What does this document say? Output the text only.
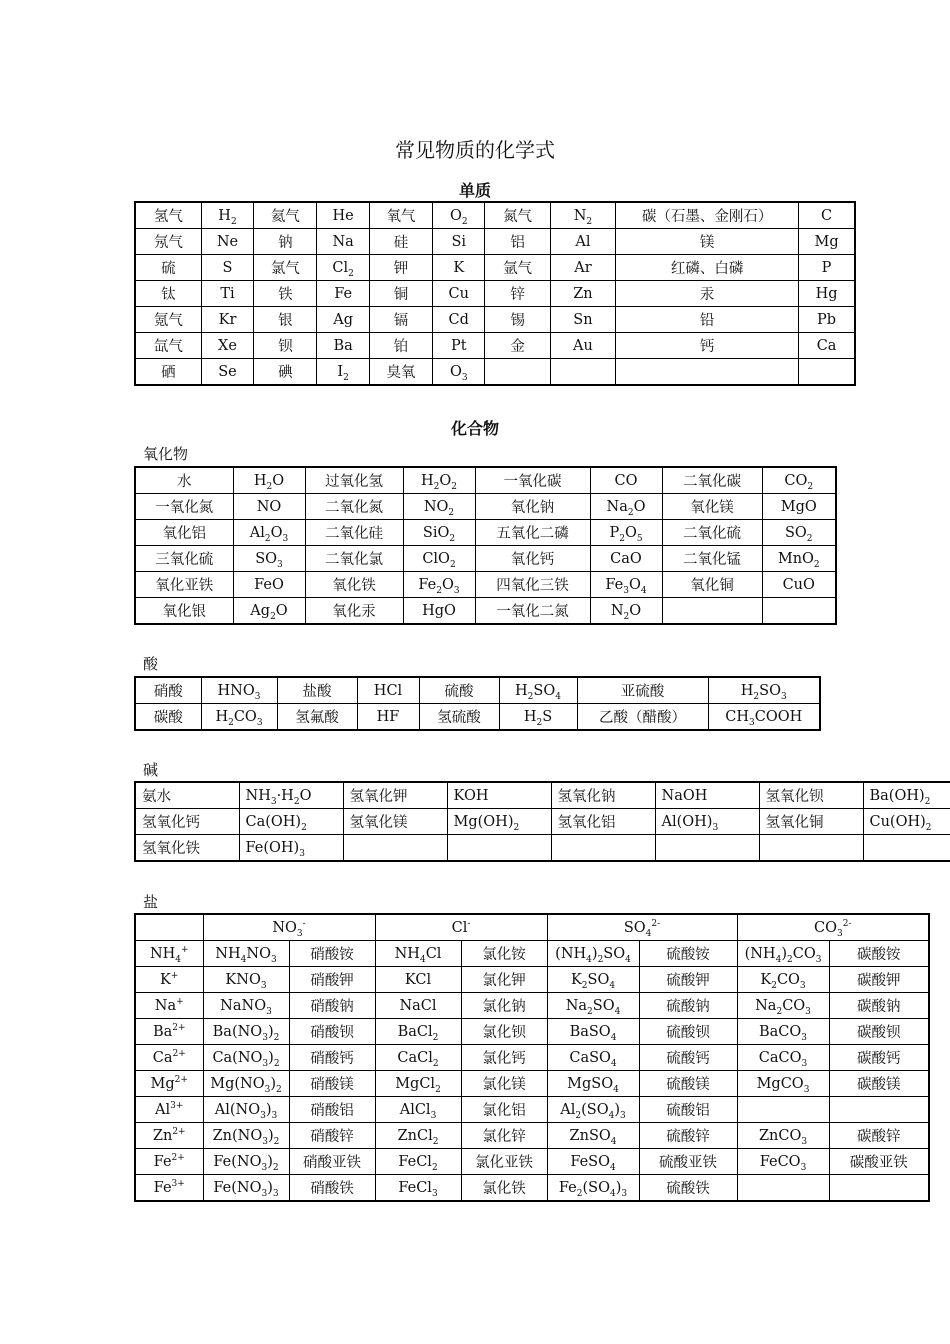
常见物质的化学式
单质
氢气	$H_2$	氦气	He	氧气	$O_2$	氮气	$N_2$	碳（石墨、金刚石）	C
氖气	Ne	钠	Na	硅	Si	铝	Al	镁	Mg
硫	S	氯气	$Cl_2$	钾	K	氩气	Ar	红磷、白磷	P
钛	Ti	铁	Fe	铜	Cu	锌	Zn	汞	Hg
氪气	Kr	银	Ag	镉	Cd	锡	Sn	铅	Pb
氙气	Xe	钡	Ba	铂	Pt	金	Au	钙	Ca
硒	Se	碘	$I_2$	臭氧	$O_3$				
化合物
氧化物
水	$H_2O$	过氧化氢	$H_2O_2$	一氧化碳	CO	二氧化碳	$CO_2$
一氧化氮	NO	二氧化氮	$NO_2$	氧化钠	$Na_2O$	氧化镁	MgO
氧化铝	$Al_2O_3$	二氧化硅	SiO$_2$	五氧化二磷	$P_2O_5$	二氧化硫	$SO_2$
三氧化硫	$SO_3$	二氧化氯	ClO$_2$	氧化钙	CaO	二氧化锰	MnO$_2$
氧化亚铁	FeO	氧化铁	$Fe_2O_3$	四氧化三铁	$Fe_3O_4$	氧化铜	CuO
氧化银	$Ag_2O$	氧化汞	HgO	一氧化二氮	$N_2O$		
酸
硝酸	$HNO_3$	盐酸	HCl	硫酸	$H_2SO_4$	亚硫酸	$H_2SO_3$
碳酸	$H_2CO_3$	氢氟酸	HF	氢硫酸	$H_2S$	乙酸（醋酸）	$CH_3COOH$
碱
氨水	$NH_3\cdot H_2O$	氢氧化钾	KOH	氢氧化钠	NaOH	氢氧化钡	$Ba(OH)_2$
氢氧化钙	$Ca(OH)_2$	氢氧化镁	$Mg(OH)_2$	氢氧化铝	$Al(OH)_3$	氢氧化铜	$Cu(OH)_2$
氢氧化铁	$Fe(OH)_3$						
盐
	$NO_3^-$		Cl-		$SO_4^{2-}$		$CO_3^{2-}$
$NH_4^+$	$NH_4NO_3$	硝酸铵	$NH_4Cl$	氯化铵	$(NH_4)_2SO_4$	硫酸铵	$(NH_4)_2CO_3$	碳酸铵
K+	$KNO_3$	硝酸钾	KCl	氯化钾	$K_2SO_4$	硫酸钾	$K_2CO_3$	碳酸钾
Na+	NaNO$_3$	硝酸钠	NaCl	氯化钠	$Na_2SO_4$	硫酸钠	$Na_2CO_3$	碳酸钠
$Ba^{2+}$	$Ba(NO_3)_2$	硝酸钡	BaCl$_2$	氯化钡	BaSO$_4$	硫酸钡	BaCO$_3$	碳酸钡
$Ca^{2+}$	$Ca(NO_3)_2$	硝酸钙	CaCl$_2$	氯化钙	CaSO$_4$	硫酸钙	CaCO$_3$	碳酸钙
$Mg^{2+}$	$Mg(NO_3)_2$	硝酸镁	MgCl$_2$	氯化镁	MgSO$_4$	硫酸镁	MgCO$_3$	碳酸镁
$Al^{3+}$	$Al(NO_3)_3$	硝酸铝	AlCl$_3$	氯化铝	$Al_2(SO_4)_3$	硫酸铝		
$Zn^{2+}$	$Zn(NO_3)_2$	硝酸锌	ZnCl$_2$	氯化锌	ZnSO$_4$	硫酸锌	ZnCO$_3$	碳酸锌
$Fe^{2+}$	$Fe(NO_3)_2$	硝酸亚铁	FeCl$_2$	氯化亚铁	FeSO$_4$	硫酸亚铁	FeCO$_3$	碳酸亚铁
$Fe^{3+}$	$Fe(NO_3)_3$	硝酸铁	FeCl$_3$	氯化铁	$Fe_2(SO_4)_3$	硫酸铁		
